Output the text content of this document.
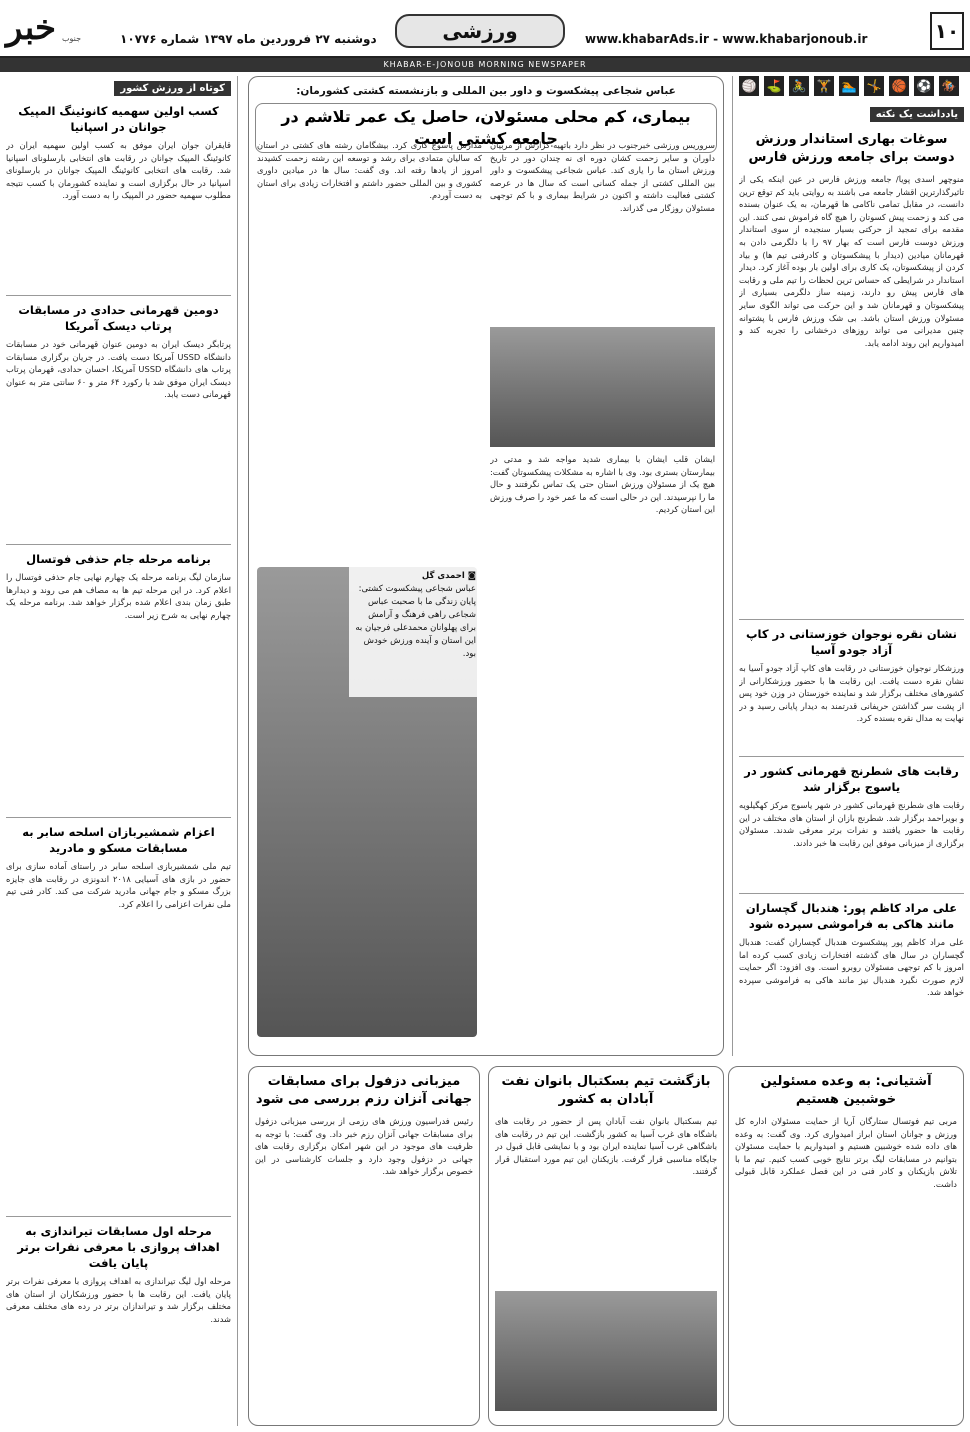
خبر جنوب	دوشنبه ۲۷ فروردین ماه ۱۳۹۷ شماره ۱۰۷۷۶	ورزشی	www.khabarAds.ir - www.khabarjonoub.ir	۱۰
KHABAR-E-JONOUB MORNING NEWSPAPER
🏇
⚽
🏀
🤸
🏊
🏋
🚴
⛳
🏐
یادداشت یک نکته
سوغات بهاری استاندار ورزش دوست برای جامعه ورزش فارس
منوچهر اسدی پویا/ جامعه ورزش فارس در عین اینکه یکی از تاثیرگذارترین اقشار جامعه می باشند به روایتی باید کم توقع ترین دانست، در مقابل تمامی ناکامی ها قهرمان، به یک عنوان بسنده می کند و زحمت پیش کسوتان را هیچ گاه فراموش نمی کنند. این مقدمه برای تمجید از حرکتی بسیار سنجیده از سوی استاندار ورزش دوست فارس است که بهار ۹۷ را با دلگرمی دادن به قهرمانان میادین (دیدار با پیشکسوتان و کادرفنی تیم ها) و بیاد کردن از پیشکسوتان، یک کاری برای اولین بار بوده آغاز کرد. دیدار استاندار در شرایطی که حساس ترین لحظات را تیم ملی و رقابت های فارس پیش رو دارند، زمینه ساز دلگرمی بسیاری از پیشکسوتان و قهرمانان شد و این حرکت می تواند الگوی سایر مسئولان ورزش استان باشد. بی شک ورزش فارس با پشتوانه چنین مدیرانی می تواند روزهای درخشانی را تجربه کند و امیدواریم این روند ادامه یابد.
نشان نقره نوجوان خوزستانی در کاپ آزاد جودو آسیا
ورزشکار نوجوان خوزستانی در رقابت های کاپ آزاد جودو آسیا به نشان نقره دست یافت. این رقابت ها با حضور ورزشکارانی از کشورهای مختلف برگزار شد و نماینده خوزستان در وزن خود پس از پشت سر گذاشتن حریفانی قدرتمند به دیدار پایانی رسید و در نهایت به مدال نقره بسنده کرد.
رقابت های شطرنج قهرمانی کشور در یاسوج برگزار شد
رقابت های شطرنج قهرمانی کشور در شهر یاسوج مرکز کهگیلویه و بویراحمد برگزار شد. شطرنج بازان از استان های مختلف در این رقابت ها حضور یافتند و نفرات برتر معرفی شدند. مسئولان برگزاری از میزبانی موفق این رقابت ها خبر دادند.
علی مراد کاظم پور: هندبال گچساران مانند هاکی به فراموشی سپرده شود
علی مراد کاظم پور پیشکسوت هندبال گچساران گفت: هندبال گچساران در سال های گذشته افتخارات زیادی کسب کرده اما امروز با کم توجهی مسئولان روبرو است. وی افزود: اگر حمایت لازم صورت نگیرد هندبال نیز مانند هاکی به فراموشی سپرده خواهد شد.
عباس شجاعی پیشکسوت و داور بین المللی و بازنشسته کشتی کشورمان:
بیماری، کم محلی مسئولان، حاصل یک عمر تلاشم در جامعه کشتی است
سروریس ورزشی خبرجنوب در نظر دارد باتهیه گزارش از مربیان داوران و سایر زحمت کشان دوره ای نه چندان دور در تاریخ ورزش استان ما را یاری کند. عباس شجاعی پیشکسوت و داور بین المللی کشتی از جمله کسانی است که سال ها در عرصه کشتی فعالیت داشته و اکنون در شرایط بیماری و با کم توجهی مسئولان روزگار می گذراند.
مدارس پاسوج کاری کرد. بیشگامان رشته های کشتی در استان که سالیان متمادی برای رشد و توسعه این رشته زحمت کشیدند امروز از یادها رفته اند. وی گفت: سال ها در میادین داوری کشوری و بین المللی حضور داشتم و افتخارات زیادی برای استان به دست آوردم.
ایشان قلب ایشان با بیماری شدید مواجه شد و مدتی در بیمارستان بستری بود. وی با اشاره به مشکلات پیشکسوتان گفت: هیچ یک از مسئولان ورزش استان حتی یک تماس نگرفتند و حال ما را نپرسیدند. این در حالی است که ما عمر خود را صرف ورزش این استان کردیم.
◙ احمدی گل
عباس شجاعی پیشکسوت کشتی: پایان زندگی ما با صحبت عباس شجاعی راهی فرهنگ و آرامش برای پهلوانان محمدعلی فرجیان به این استان و آینده ورزش خودش بود.
کوتاه از ورزش کشور
کسب اولین سهمیه کانوئینگ المپیک جوانان در اسپانیا
قایقران جوان ایران موفق به کسب اولین سهمیه ایران در کانوئینگ المپیک جوانان در رقابت های انتخابی بارسلونای اسپانیا شد. رقابت های انتخابی کانوئینگ المپیک جوانان در بارسلونای اسپانیا در حال برگزاری است و نماینده کشورمان با کسب نتیجه مطلوب سهمیه حضور در المپیک را به دست آورد.
دومین قهرمانی حدادی در مسابقات پرتاب دیسک آمریکا
پرتابگر دیسک ایران به دومین عنوان قهرمانی خود در مسابقات دانشگاه USSD آمریکا دست یافت. در جریان برگزاری مسابقات پرتاب های دانشگاه USSD آمریکا، احسان حدادی، قهرمان پرتاب دیسک ایران موفق شد با رکورد ۶۴ متر و ۶۰ سانتی متر به عنوان قهرمانی دست یابد.
برنامه مرحله جام حذفی فوتسال
سازمان لیگ برنامه مرحله یک چهارم نهایی جام حذفی فوتسال را اعلام کرد. در این مرحله تیم ها به مصاف هم می روند و دیدارها طبق زمان بندی اعلام شده برگزار خواهد شد. برنامه مرحله یک چهارم نهایی به شرح زیر است.
اعزام شمشیربازان اسلحه سابر به مسابقات مسکو و مادرید
تیم ملی شمشیربازی اسلحه سابر در راستای آماده سازی برای حضور در بازی های آسیایی ۲۰۱۸ اندونزی در رقابت های جایزه بزرگ مسکو و جام جهانی مادرید شرکت می کند. کادر فنی تیم ملی نفرات اعزامی را اعلام کرد.
مرحله اول مسابقات تیراندازی به اهداف پروازی با معرفی نفرات برتر پایان یافت
مرحله اول لیگ تیراندازی به اهداف پروازی با معرفی نفرات برتر پایان یافت. این رقابت ها با حضور ورزشکاران از استان های مختلف برگزار شد و تیراندازان برتر در رده های مختلف معرفی شدند.
آشتیانی: به وعده مسئولین خوشبین هستیم
مربی تیم فوتسال ستارگان آریا از حمایت مسئولان اداره کل ورزش و جوانان استان ابراز امیدواری کرد. وی گفت: به وعده های داده شده خوشبین هستیم و امیدواریم با حمایت مسئولان بتوانیم در مسابقات لیگ برتر نتایج خوبی کسب کنیم. تیم ما با تلاش بازیکنان و کادر فنی در این فصل عملکرد قابل قبولی داشت.
بازگشت تیم بسکتبال بانوان نفت آبادان به کشور
تیم بسکتبال بانوان نفت آبادان پس از حضور در رقابت های باشگاه های غرب آسیا به کشور بازگشت. این تیم در رقابت های باشگاهی غرب آسیا نماینده ایران بود و با نمایشی قابل قبول در جایگاه مناسبی قرار گرفت. بازیکنان این تیم مورد استقبال قرار گرفتند.
میزبانی دزفول برای مسابقات جهانی آنزان رزم بررسی می شود
رئیس فدراسیون ورزش های رزمی از بررسی میزبانی دزفول برای مسابقات جهانی آنزان رزم خبر داد. وی گفت: با توجه به ظرفیت های موجود در این شهر امکان برگزاری رقابت های جهانی در دزفول وجود دارد و جلسات کارشناسی در این خصوص برگزار خواهد شد.
